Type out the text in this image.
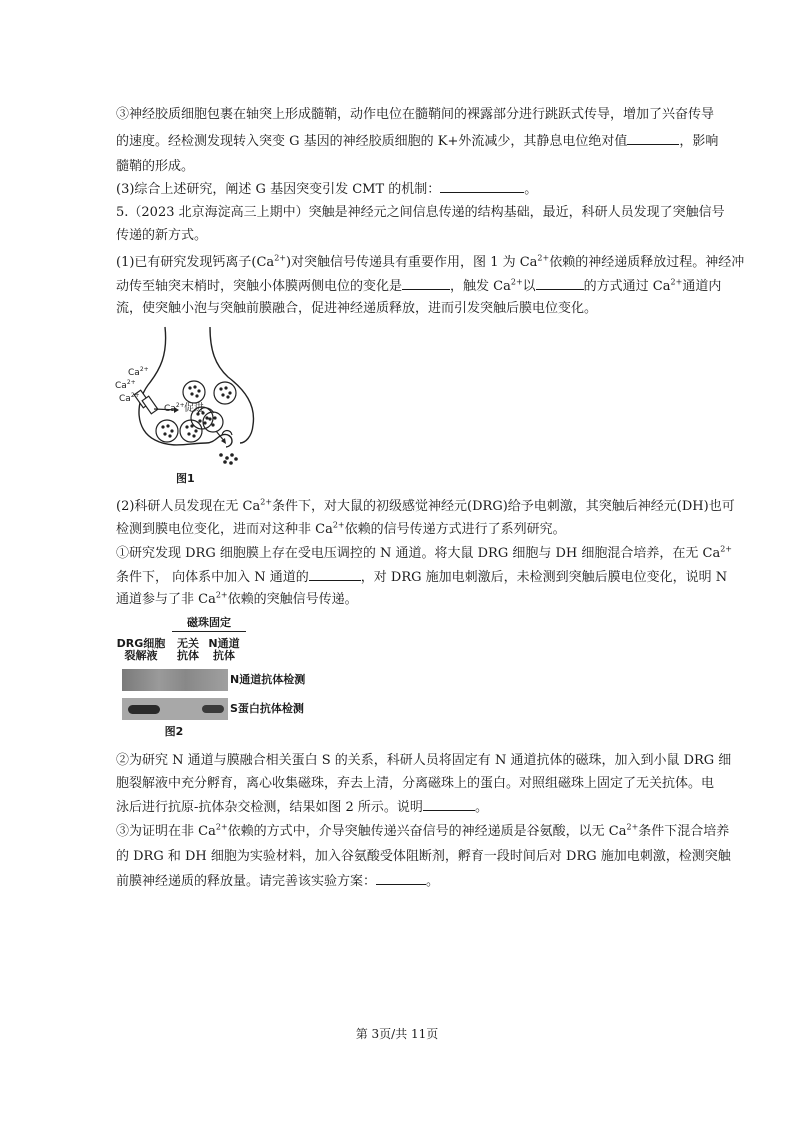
③神经胶质细胞包裹在轴突上形成髓鞘，动作电位在髓鞘间的裸露部分进行跳跃式传导，增加了兴奋传导
的速度。经检测发现转入突变 G 基因的神经胶质细胞的 K+外流减少，其静息电位绝对值	，影响
髓鞘的形成。
(3)综合上述研究，阐述 G 基因突变引发 CMT 的机制：	。
5.（2023 北京海淀高三上期中）突触是神经元之间信息传递的结构基础，最近，科研人员发现了突触信号
传递的新方式。
(1)已有研究发现钙离子$(Ca^{2+})$对突触信号传递具有重要作用，图 1 为 $Ca^{2+}$依赖的神经递质释放过程。神经冲
动传至轴突末梢时，突触小体膜两侧电位的变化是	，触发 $Ca^{2+}$以	的方式通过 $Ca^{2+}$通道内
流，使突触小泡与突触前膜融合，促进神经递质释放，进而引发突触后膜电位变化。
$Ca^{2+}$
$Ca^{2+}$
$Ca^{2+}$
$Ca^{2+}$ 促进
图1
(2)科研人员发现在无 $Ca^{2+}$条件下，对大鼠的初级感觉神经元(DRG)给予电刺激，其突触后神经元(DH)也可
检测到膜电位变化，进而对这种非 $Ca^{2+}$依赖的信号传递方式进行了系列研究。
①研究发现 DRG 细胞膜上存在受电压调控的 N 通道。将大鼠 DRG 细胞与 DH 细胞混合培养，在无 $Ca^{2+}$
条件下， 向体系中加入 N 通道的	，对 DRG 施加电刺激后，未检测到突触后膜电位变化，说明 N
通道参与了非 $Ca^{2+}$依赖的突触信号传递。
磁珠固定
DRG细胞
裂解液
无关
抗体
N通道
抗体
N通道抗体检测
S蛋白抗体检测
图2
②为研究 N 通道与膜融合相关蛋白 S 的关系，科研人员将固定有 N 通道抗体的磁珠，加入到小鼠 DRG 细
胞裂解液中充分孵育，离心收集磁珠，弃去上清，分离磁珠上的蛋白。对照组磁珠上固定了无关抗体。电
泳后进行抗原-抗体杂交检测，结果如图 2 所示。说明	。
③为证明在非 $Ca^{2+}$依赖的方式中，介导突触传递兴奋信号的神经递质是谷氨酸，以无 $Ca^{2+}$条件下混合培养
的 DRG 和 DH 细胞为实验材料，加入谷氨酸受体阻断剂，孵育一段时间后对 DRG 施加电刺激，检测突触
前膜神经递质的释放量。请完善该实验方案：	。
第 3页/共 11页
